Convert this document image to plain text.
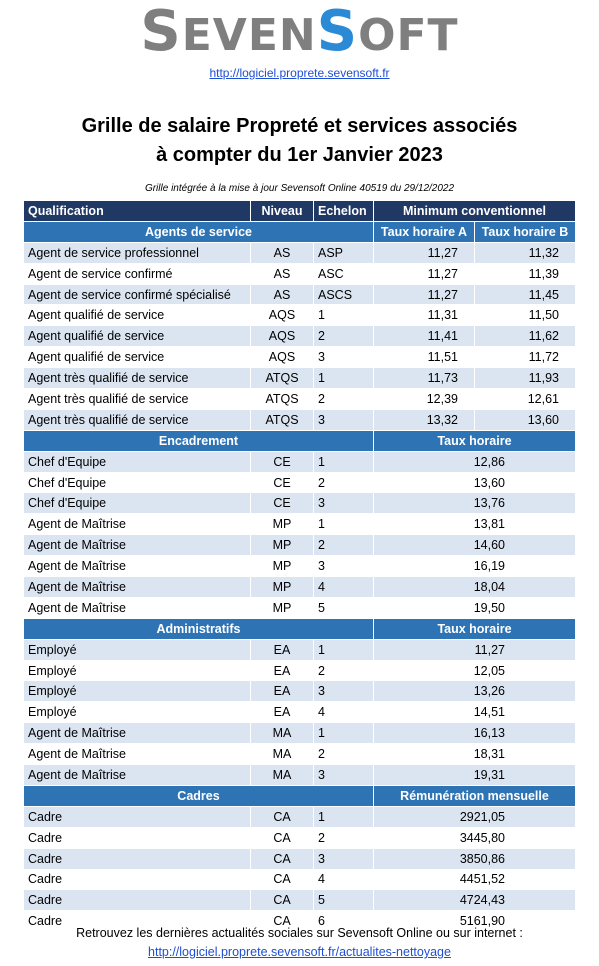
SEVENSOFT
http://logiciel.proprete.sevensoft.fr
Grille de salaire Propreté et services associés
à compter du 1er Janvier 2023
Grille intégrée à la mise à jour Sevensoft Online 40519 du 29/12/2022
Qualification	Niveau	Echelon	Minimum conventionnel	
Agents de service			Taux horaire A	Taux horaire B
Agent de service professionnel	AS	ASP	11,27	11,32
Agent de service confirmé	AS	ASC	11,27	11,39
Agent de service confirmé spécialisé	AS	ASCS	11,27	11,45
Agent qualifié de service	AQS	1	11,31	11,50
Agent qualifié de service	AQS	2	11,41	11,62
Agent qualifié de service	AQS	3	11,51	11,72
Agent très qualifié de service	ATQS	1	11,73	11,93
Agent très qualifié de service	ATQS	2	12,39	12,61
Agent très qualifié de service	ATQS	3	13,32	13,60
Encadrement			Taux horaire	
Chef d'Equipe	CE	1	12,86	
Chef d'Equipe	CE	2	13,60	
Chef d'Equipe	CE	3	13,76	
Agent de Maîtrise	MP	1	13,81	
Agent de Maîtrise	MP	2	14,60	
Agent de Maîtrise	MP	3	16,19	
Agent de Maîtrise	MP	4	18,04	
Agent de Maîtrise	MP	5	19,50	
Administratifs			Taux horaire	
Employé	EA	1	11,27	
Employé	EA	2	12,05	
Employé	EA	3	13,26	
Employé	EA	4	14,51	
Agent de Maîtrise	MA	1	16,13	
Agent de Maîtrise	MA	2	18,31	
Agent de Maîtrise	MA	3	19,31	
Cadres			Rémunération mensuelle	
Cadre	CA	1	2921,05	
Cadre	CA	2	3445,80	
Cadre	CA	3	3850,86	
Cadre	CA	4	4451,52	
Cadre	CA	5	4724,43	
Cadre	CA	6	5161,90	
Retrouvez les dernières actualités sociales sur Sevensoft Online ou sur internet :
http://logiciel.proprete.sevensoft.fr/actualites-nettoyage
